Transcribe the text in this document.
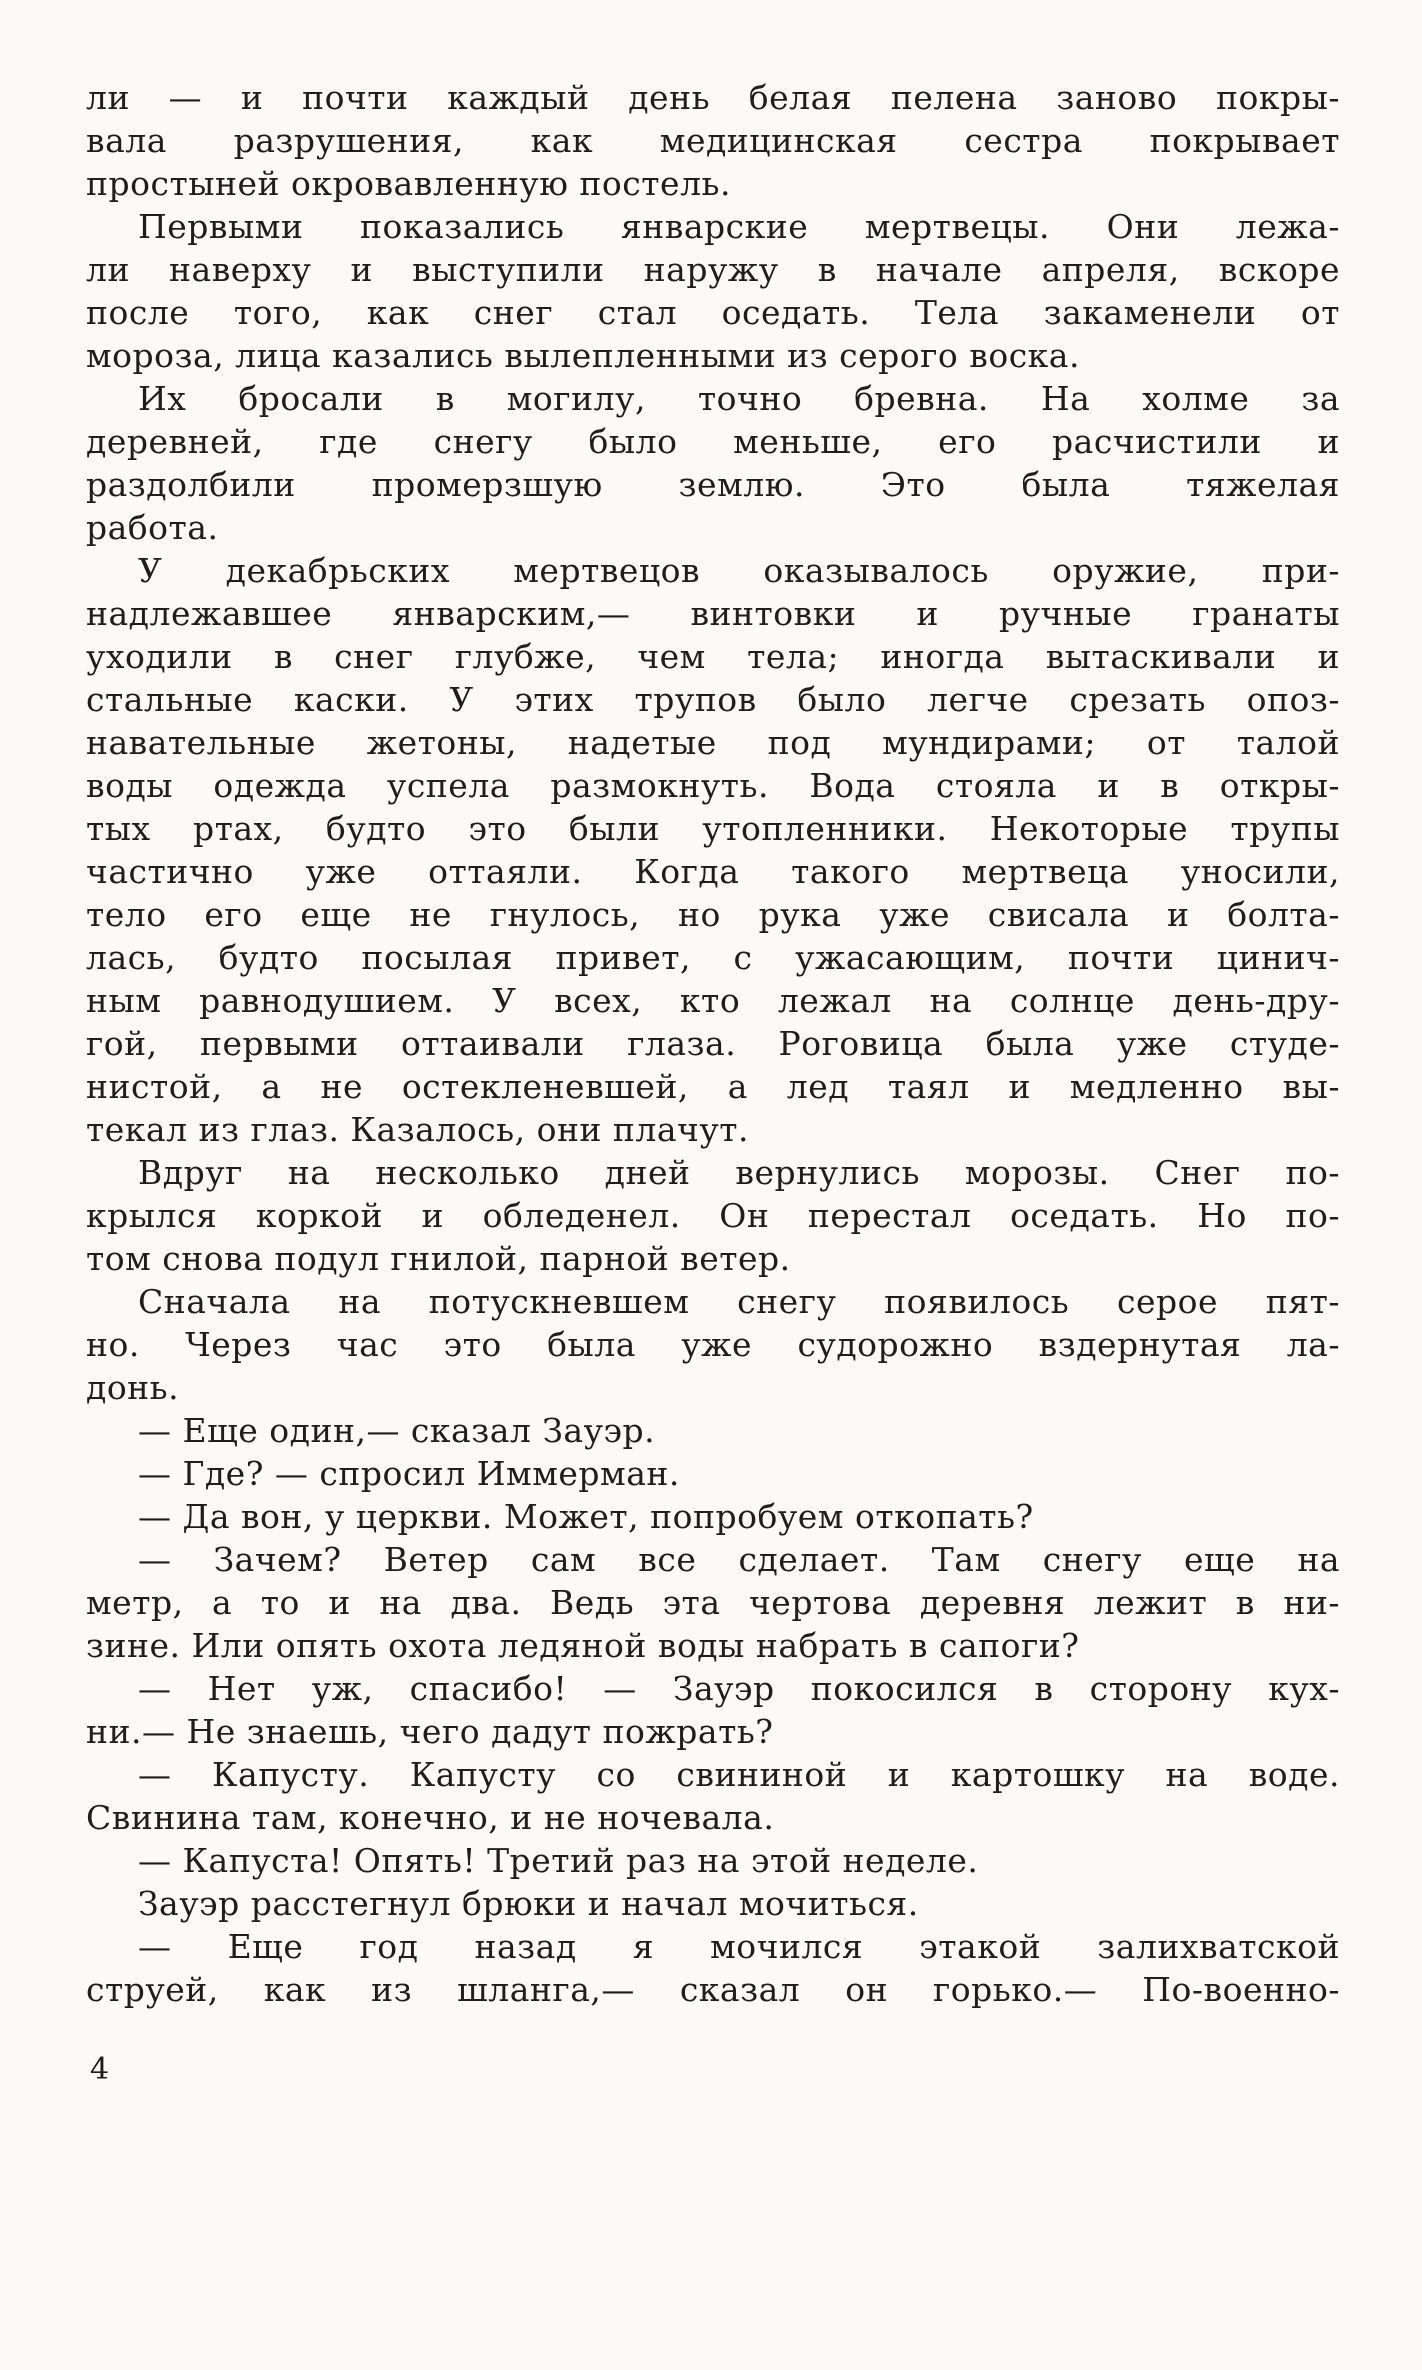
ли — и почти каждый день белая пелена заново покры-
вала разрушения, как медицинская сестра покрывает
простыней окровавленную постель.
Первыми показались январские мертвецы. Они лежа-
ли наверху и выступили наружу в начале апреля, вскоре
после того, как снег стал оседать. Тела закаменели от
мороза, лица казались вылепленными из серого воска.
Их бросали в могилу, точно бревна. На холме за
деревней, где снегу было меньше, его расчистили и
раздолбили промерзшую землю. Это была тяжелая
работа.
У декабрьских мертвецов оказывалось оружие, при-
надлежавшее январским,— винтовки и ручные гранаты
уходили в снег глубже, чем тела; иногда вытаскивали и
стальные каски. У этих трупов было легче срезать опоз-
навательные жетоны, надетые под мундирами; от талой
воды одежда успела размокнуть. Вода стояла и в откры-
тых ртах, будто это были утопленники. Некоторые трупы
частично уже оттаяли. Когда такого мертвеца уносили,
тело его еще не гнулось, но рука уже свисала и болта-
лась, будто посылая привет, с ужасающим, почти цинич-
ным равнодушием. У всех, кто лежал на солнце день-дру-
гой, первыми оттаивали глаза. Роговица была уже студе-
нистой, а не остекленевшей, а лед таял и медленно вы-
текал из глаз. Казалось, они плачут.
Вдруг на несколько дней вернулись морозы. Снег по-
крылся коркой и обледенел. Он перестал оседать. Но по-
том снова подул гнилой, парной ветер.
Сначала на потускневшем снегу появилось серое пят-
но. Через час это была уже судорожно вздернутая ла-
донь.
— Еще один,— сказал Зауэр.
— Где? — спросил Иммерман.
— Да вон, у церкви. Может, попробуем откопать?
— Зачем? Ветер сам все сделает. Там снегу еще на
метр, а то и на два. Ведь эта чертова деревня лежит в ни-
зине. Или опять охота ледяной воды набрать в сапоги?
— Нет уж, спасибо! — Зауэр покосился в сторону кух-
ни.— Не знаешь, чего дадут пожрать?
— Капусту. Капусту со свининой и картошку на воде.
Свинина там, конечно, и не ночевала.
— Капуста! Опять! Третий раз на этой неделе.
Зауэр расстегнул брюки и начал мочиться.
— Еще год назад я мочился этакой залихватской
струей, как из шланга,— сказал он горько.— По-военно-
4
